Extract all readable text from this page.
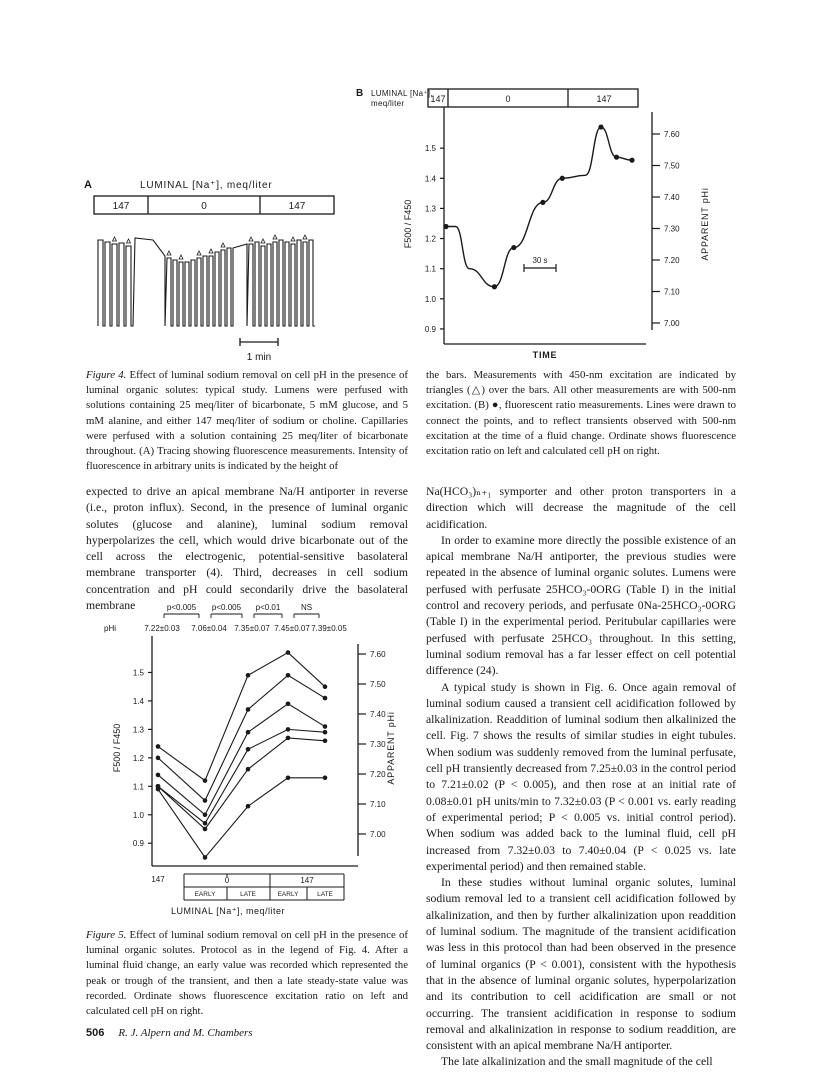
A	LUMINAL [Na⁺], meq/liter
147	0	147
1 min
B LUMINAL [Na⁺],
meq/liter	147	0	147
1.5
1.4
1.3
1.2
1.1
1.0
0.9
7.60
7.50
7.40
7.30
7.20
7.10
7.00
F500 / F450	APPARENT pHi
30 s
TIME
Figure 4. Effect of luminal sodium removal on cell pH in the presence of luminal organic solutes: typical study. Lumens were perfused with solutions containing 25 meq/liter of bicarbonate, 5 mM glucose, and 5 mM alanine, and either 147 meq/liter of sodium or choline. Capillaries were perfused with a solution containing 25 meq/liter of bicarbonate throughout. (A) Tracing showing fluorescence measurements. Intensity of fluorescence in arbitrary units is indicated by the height of
the bars. Measurements with 450-nm excitation are indicated by triangles (△) over the bars. All other measurements are with 500-nm excitation. (B) ●, fluorescent ratio measurements. Lines were drawn to connect the points, and to reflect transients observed with 500-nm excitation at the time of a fluid change. Ordinate shows fluorescence excitation ratio on left and calculated cell pH on right.

expected to drive an apical membrane Na/H antiporter in reverse (i.e., proton influx). Second, in the presence of luminal organic solutes (glucose and alanine), luminal sodium removal hyperpolarizes the cell, which would drive bicarbonate out of the cell across the electrogenic, potential-sensitive basolateral membrane transporter (4). Third, decreases in cell sodium concentration and pH could secondarily drive the basolateral membrane	p<0.005 p<0.005 p<0.01	NS
pHi	7.22±0.03 7.06±0.04 7.35±0.07 7.45±0.07 7.39±0.05
1.5
1.4
1.3
1.2
1.1
1.0
0.9
7.60
7.50
7.40
7.30
7.20
7.10
7.00
F500 / F450	APPARENT pHi
147	0	147
EARLY	LATE	EARLY	LATE
LUMINAL [Na⁺], meq/liter
Figure 5. Effect of luminal sodium removal on cell pH in the presence of luminal organic solutes. Protocol as in the legend of Fig. 4. After a luminal fluid change, an early value was recorded which represented the peak or trough of the transient, and then a late steady-state value was recorded. Ordinate shows fluorescence excitation ratio on left and calculated cell pH on right.

Na(HCO₃)ₙ₊₁ symporter and other proton transporters in a direction which will decrease the magnitude of the cell acidification.

In order to examine more directly the possible existence of an apical membrane Na/H antiporter, the previous studies were repeated in the absence of luminal organic solutes. Lumens were perfused with perfusate 25HCO₃-0ORG (Table I) in the initial control and recovery periods, and perfusate 0Na-25HCO₃-0ORG (Table I) in the experimental period. Peritubular capillaries were perfused with perfusate 25HCO₃ throughout. In this setting, luminal sodium removal has a far lesser effect on cell potential difference (24).

A typical study is shown in Fig. 6. Once again removal of luminal sodium caused a transient cell acidification followed by alkalinization. Readdition of luminal sodium then alkalinized the cell. Fig. 7 shows the results of similar studies in eight tubules. When sodium was suddenly removed from the luminal perfusate, cell pH transiently decreased from 7.25±0.03 in the control period to 7.21±0.02 (P < 0.005), and then rose at an initial rate of 0.08±0.01 pH units/min to 7.32±0.03 (P < 0.001 vs. early reading of experimental period; P < 0.005 vs. initial control period). When sodium was added back to the luminal fluid, cell pH increased from 7.32±0.03 to 7.40±0.04 (P < 0.025 vs. late experimental period) and then remained stable.

In these studies without luminal organic solutes, luminal sodium removal led to a transient cell acidification followed by alkalinization, and then by further alkalinization upon readdition of luminal sodium. The magnitude of the transient acidification was less in this protocol than had been observed in the presence of luminal organics (P < 0.001), consistent with the hypothesis that in the absence of luminal organic solutes, hyperpolarization and its contribution to cell acidification are small or not occurring. The transient acidification in response to sodium removal and alkalinization in response to sodium readdition, are consistent with an apical membrane Na/H antiporter.

The late alkalinization and the small magnitude of the cell

506 R. J. Alpern and M. Chambers
